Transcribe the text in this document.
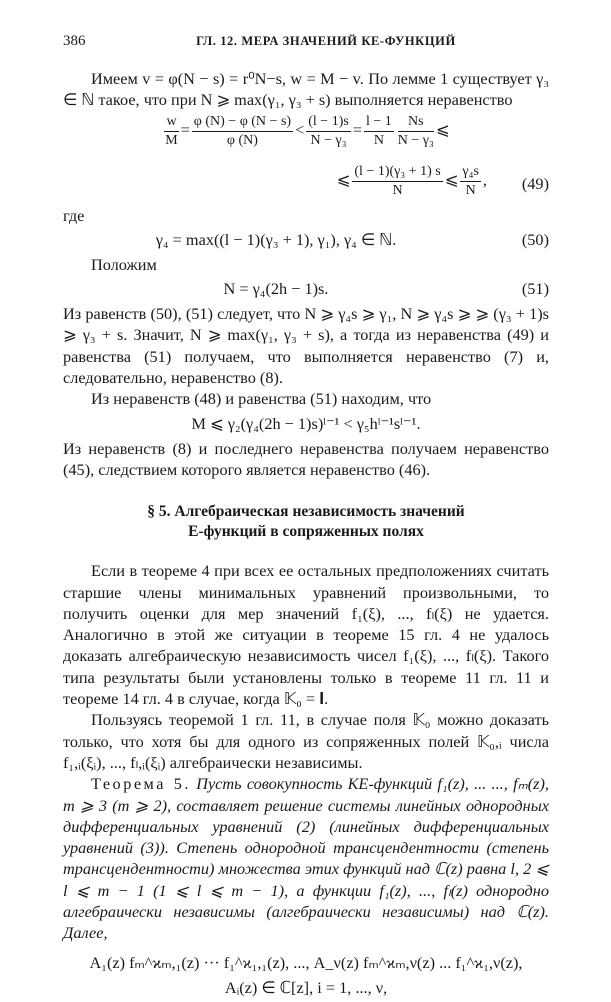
386	ГЛ. 12. МЕРА ЗНАЧЕНИЙ КЕ-ФУНКЦИЙ

Имеем v = φ(N − s) = r⁰N−s, w = M − v. По лемме 1 существует γ₃ ∈ ℕ такое, что при N ⩾ max(γ₁, γ₃ + s) выполняется неравенство

$\frac{w}{M} = \frac{\varphi (N) - \varphi (N - s)}{\varphi (N)} < \frac{(l - 1)s}{\text{N − γ₃}} = \frac{l - 1}{N} \frac{Ns}{\text{N − γ₃}}$ ⩽
⩽ $\frac{\text{(l − 1)(γ₃ + 1) s}}{N}$ ⩽ $\frac{\text{γ₄s}}{N}$ , (49)

где

γ₄ = max((l − 1)(γ₃ + 1), γ₁), γ₄ ∈ ℕ.	(50)

Положим

N = γ₄(2h − 1)s.	(51)

Из равенств (50), (51) следует, что N ⩾ γ₄s ⩾ γ₁, N ⩾ γ₄s ⩾ ⩾ (γ₃ + 1)s ⩾ γ₃ + s. Значит, N ⩾ max(γ₁, γ₃ + s), а тогда из неравенства (49) и равенства (51) получаем, что выполняется неравенство (7) и, следовательно, неравенство (8).

Из неравенств (48) и равенства (51) находим, что

M ⩽ γ₂(γ₄(2h − 1)s)ˡ⁻¹ < γ₅hˡ⁻¹sˡ⁻¹.

Из неравенств (8) и последнего неравенства получаем неравенство (45), следствием которого является неравенство (46).

§ 5. Алгебраическая независимость значений
Е-функций в сопряженных полях

Если в теореме 4 при всех ее остальных предположениях считать старшие члены минимальных уравнений произвольными, то получить оценки для мер значений f₁(ξ), ..., fₗ(ξ) не удается. Аналогично в этой же ситуации в теореме 15 гл. 4 не удалось доказать алгебраическую независимость чисел f₁(ξ), ..., fₗ(ξ). Такого типа результаты были установлены только в теореме 11 гл. 11 и теореме 14 гл. 4 в случае, когда 𝕂₀ = 𝐈.

Пользуясь теоремой 1 гл. 11, в случае поля 𝕂₀ можно доказать только, что хотя бы для одного из сопряженных полей 𝕂₀,ᵢ числа f₁,ᵢ(ξᵢ), ..., fₗ,ᵢ(ξᵢ) алгебраически независимы.

Теорема 5. Пусть совокупность КЕ-функций f₁(z), ... ..., fₘ(z), m ⩾ 3 (m ⩾ 2), составляет решение системы линейных однородных дифференциальных уравнений (2) (линейных дифференциальных уравнений (3)). Степень однородной трансцендентности (степень трансцендентности) множества этих функций над ℂ(z) равна l, 2 ⩽ l ⩽ m − 1 (1 ⩽ l ⩽ m − 1), а функции f₁(z), ..., fₗ(z) однородно алгебраически независимы (алгебраически независимы) над ℂ(z). Далее,

A₁(z) fₘ^ϰₘ,₁(z) ··· f₁^ϰ₁,₁(z), ..., A_ν(z) fₘ^ϰₘ,ν(z) ... f₁^ϰ₁,ν(z),
Aᵢ(z) ∈ ℂ[z], i = 1, ..., ν,
